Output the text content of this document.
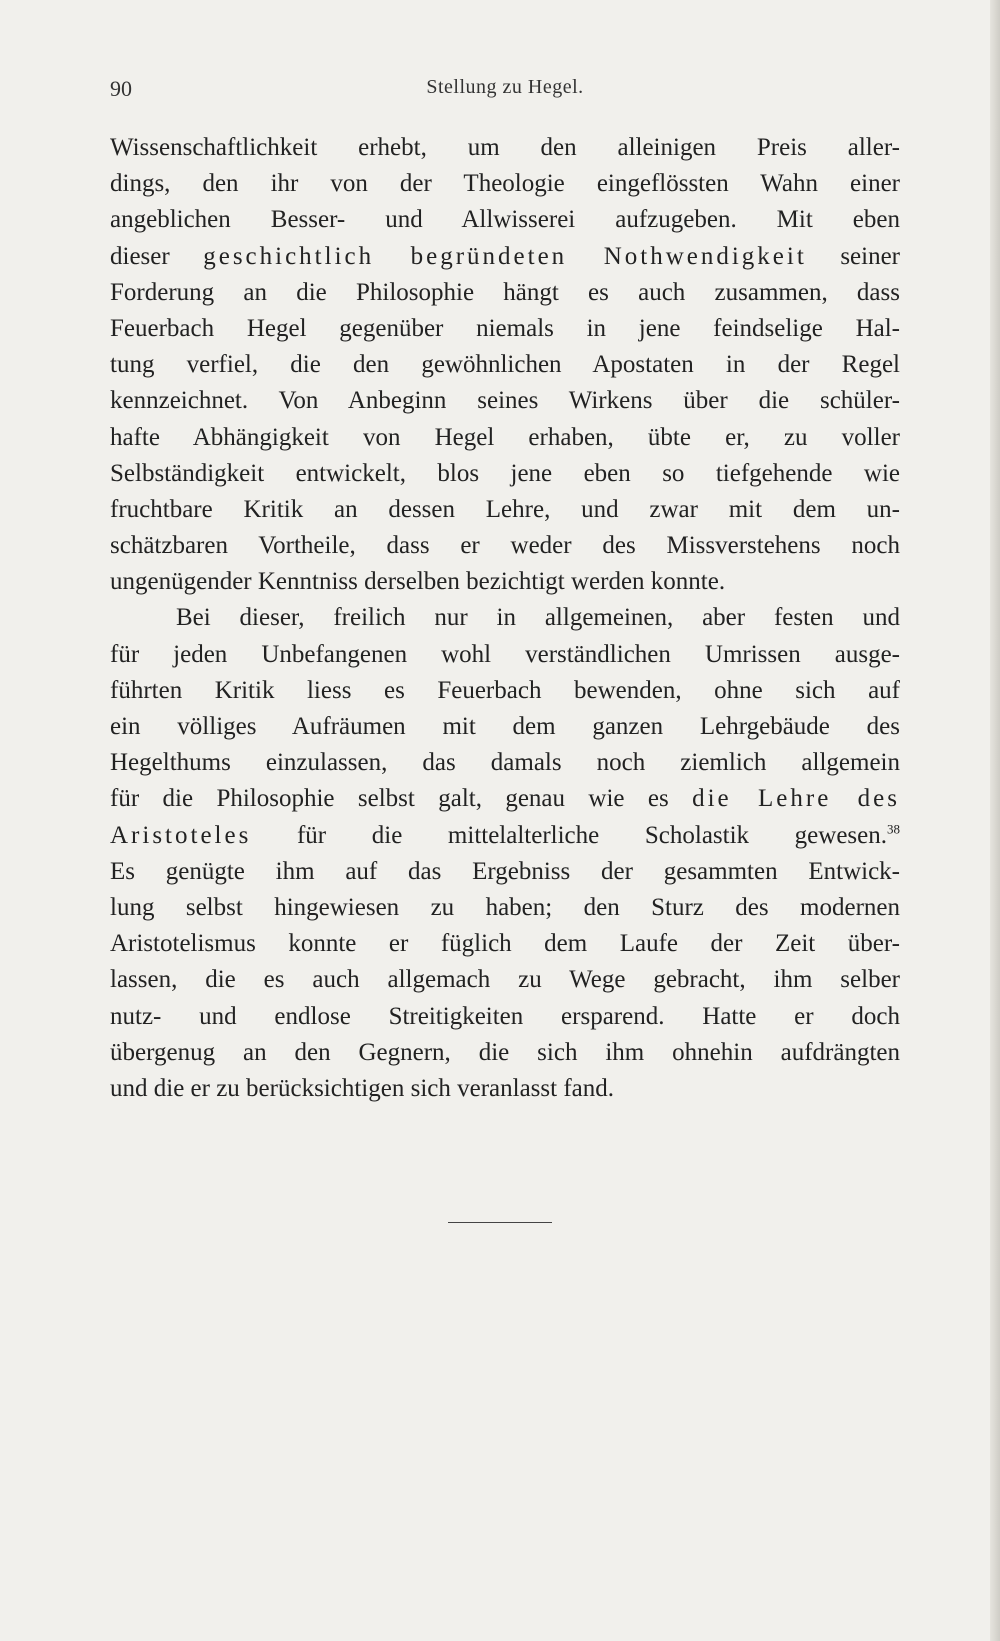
90	Stellung zu Hegel.
Wissenschaftlichkeit erhebt, um den alleinigen Preis aller-
dings, den ihr von der Theologie eingeflössten Wahn einer
angeblichen Besser- und Allwisserei aufzugeben. Mit eben
dieser geschichtlich begründeten Nothwendigkeit seiner
Forderung an die Philosophie hängt es auch zusammen, dass
Feuerbach Hegel gegenüber niemals in jene feindselige Hal-
tung verfiel, die den gewöhnlichen Apostaten in der Regel
kennzeichnet. Von Anbeginn seines Wirkens über die schüler-
hafte Abhängigkeit von Hegel erhaben, übte er, zu voller
Selbständigkeit entwickelt, blos jene eben so tiefgehende wie
fruchtbare Kritik an dessen Lehre, und zwar mit dem un-
schätzbaren Vortheile, dass er weder des Missverstehens noch
ungenügender Kenntniss derselben bezichtigt werden konnte.
Bei dieser, freilich nur in allgemeinen, aber festen und
für jeden Unbefangenen wohl verständlichen Umrissen ausge-
führten Kritik liess es Feuerbach bewenden, ohne sich auf
ein völliges Aufräumen mit dem ganzen Lehrgebäude des
Hegelthums einzulassen, das damals noch ziemlich allgemein
für die Philosophie selbst galt, genau wie es die Lehre des
Aristoteles für die mittelalterliche Scholastik gewesen.$^{38}$
Es genügte ihm auf das Ergebniss der gesammten Entwick-
lung selbst hingewiesen zu haben; den Sturz des modernen
Aristotelismus konnte er füglich dem Laufe der Zeit über-
lassen, die es auch allgemach zu Wege gebracht, ihm selber
nutz- und endlose Streitigkeiten ersparend. Hatte er doch
übergenug an den Gegnern, die sich ihm ohnehin aufdrängten
und die er zu berücksichtigen sich veranlasst fand.
